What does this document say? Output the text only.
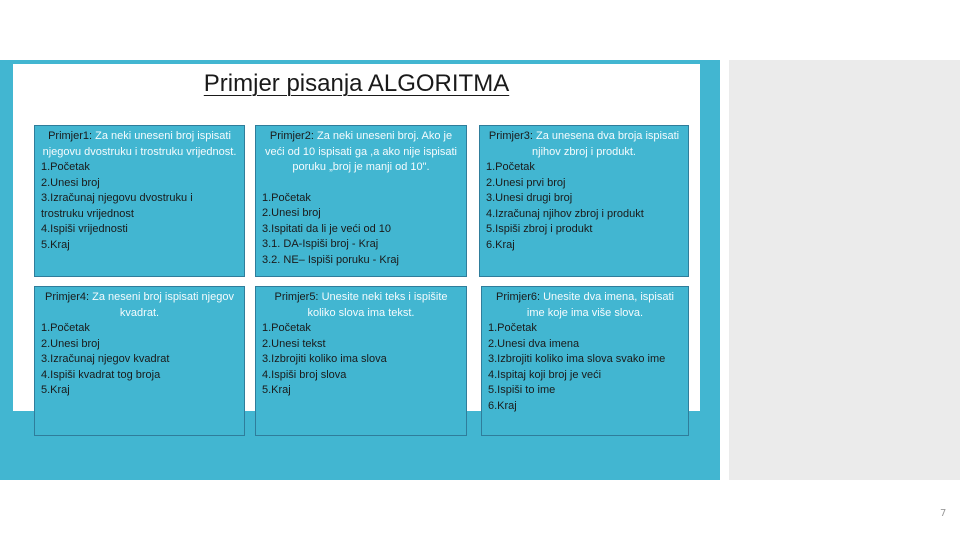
Primjer pisanja ALGORITMA
Primjer1: Za neki uneseni broj ispisati njegovu dvostruku i trostruku vrijednost.
1.Početak
2.Unesi broj
3.Izračunaj njegovu dvostruku i trostruku vrijednost
4.Ispiši vrijednosti
5.Kraj
Primjer2: Za neki uneseni broj. Ako je veći od 10 ispisati ga ,a ako nije ispisati poruku „broj je manji od 10".
1.Početak
2.Unesi broj
3.Ispitati da li je veći od 10
3.1. DA-Ispiši broj - Kraj
3.2. NE– Ispiši poruku - Kraj
Primjer3: Za unesena dva broja ispisati njihov zbroj i produkt.
1.Početak
2.Unesi prvi broj
3.Unesi drugi broj
4.Izračunaj njihov zbroj i produkt
5.Ispiši zbroj i produkt
6.Kraj
Primjer4: Za neseni broj ispisati njegov kvadrat.
1.Početak
2.Unesi broj
3.Izračunaj njegov kvadrat
4.Ispiši kvadrat tog broja
5.Kraj
Primjer5: Unesite neki teks i ispišite koliko slova ima tekst.
1.Početak
2.Unesi tekst
3.Izbrojiti koliko ima slova
4.Ispiši broj slova
5.Kraj
Primjer6: Unesite dva imena, ispisati ime koje ima više slova.
1.Početak
2.Unesi dva imena
3.Izbrojiti koliko ima slova svako ime
4.Ispitaj koji broj je veći
5.Ispiši to ime
6.Kraj
7
